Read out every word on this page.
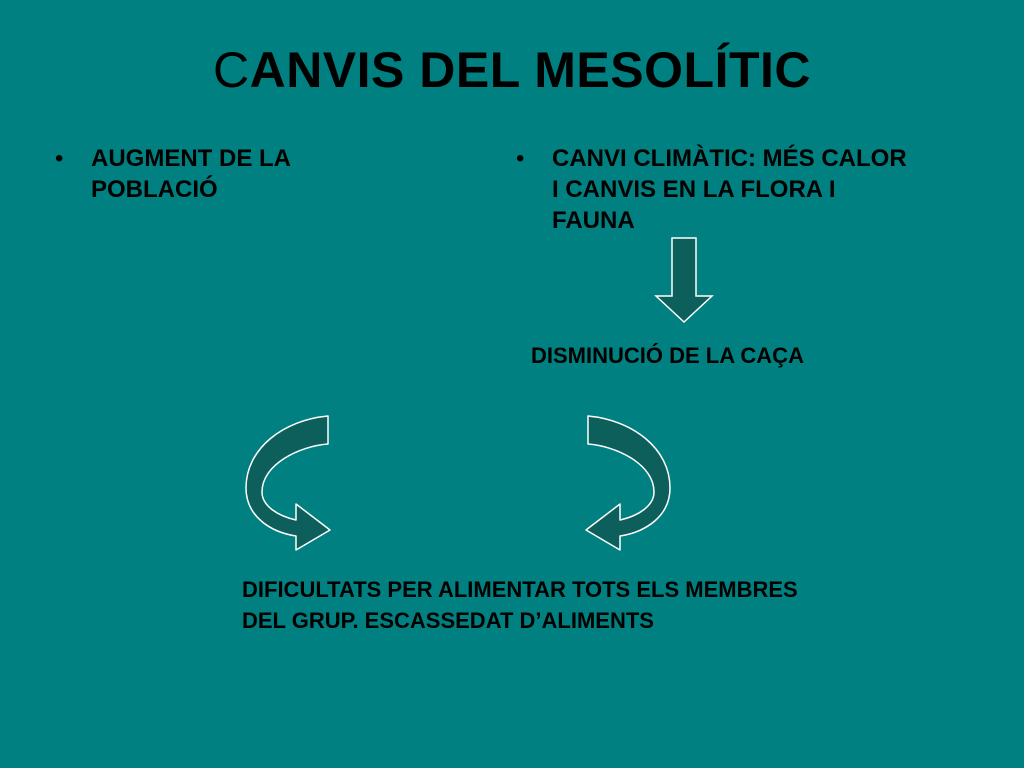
CANVIS DEL MESOLÍTIC
• AUGMENT DE LA POBLACIÓ
• CANVI CLIMÀTIC: MÉS CALOR I CANVIS EN LA FLORA I FAUNA
DISMINUCIÓ DE LA CAÇA
DIFICULTATS PER ALIMENTAR TOTS ELS MEMBRES DEL GRUP. ESCASSEDAT D’ALIMENTS
